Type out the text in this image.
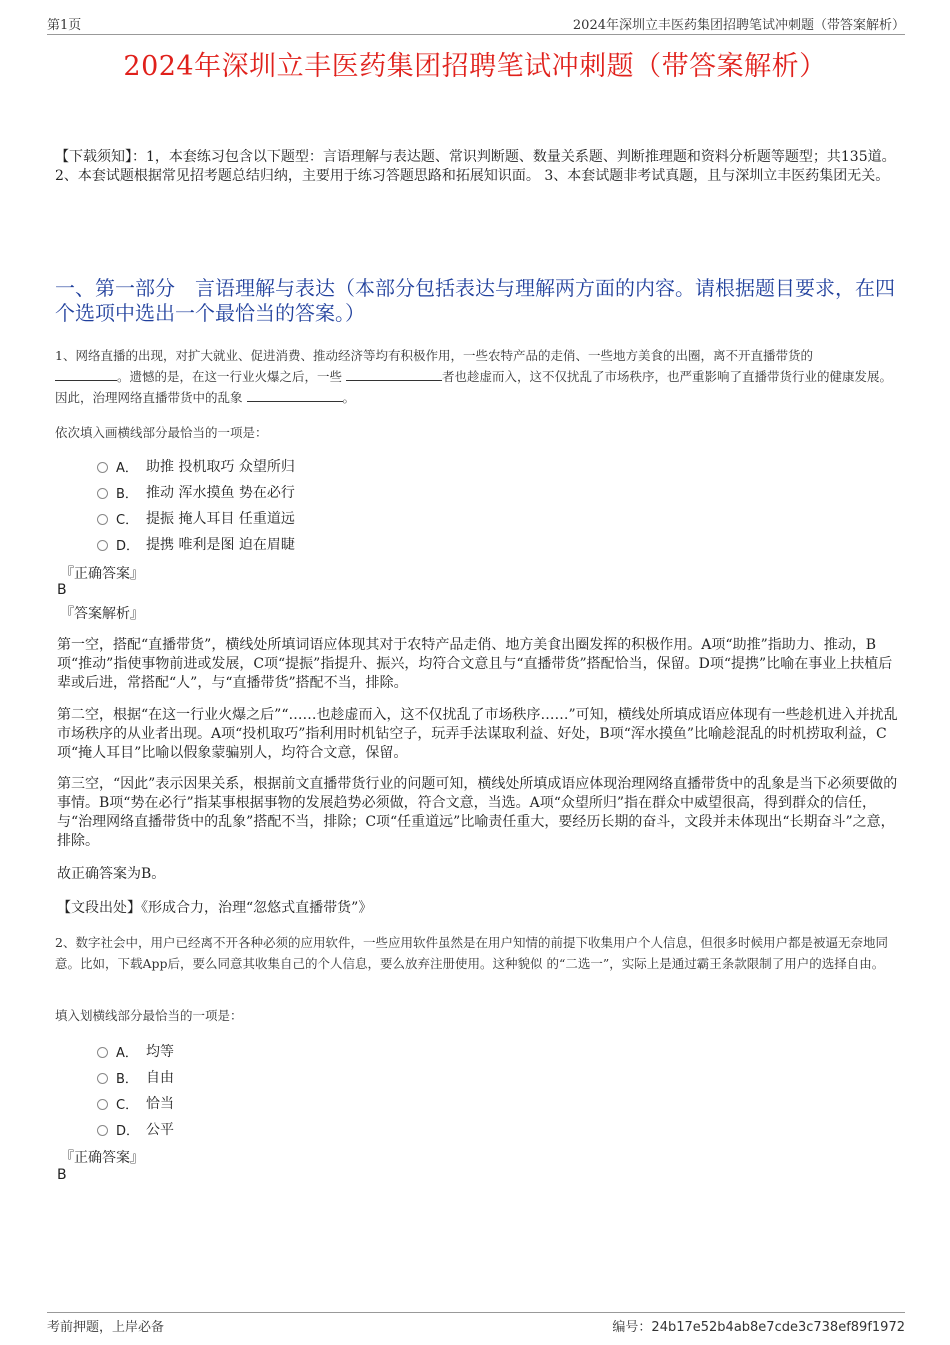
第1页	2024年深圳立丰医药集团招聘笔试冲刺题（带答案解析）
2024年深圳立丰医药集团招聘笔试冲刺题（带答案解析）
【下载须知】：1，本套练习包含以下题型：言语理解与表达题、常识判断题、数量关系题、判断推理题和资料分析题等题型；共135道。 2、本套试题根据常见招考题总结归纳，主要用于练习答题思路和拓展知识面。 3、本套试题非考试真题，且与深圳立丰医药集团无关。
一、第一部分　言语理解与表达（本部分包括表达与理解两方面的内容。请根据题目要求，在四个选项中选出一个最恰当的答案。）
1、网络直播的出现，对扩大就业、促进消费、推动经济等均有积极作用，一些农特产品的走俏、一些地方美食的出圈，离不开直播带货的
。遗憾的是，在这一行业火爆之后，一些	者也趁虚而入，这不仅扰乱了市场秩序，也严重影响了直播带货行业的健康发展。因此，治理网络直播带货中的乱象	。
依次填入画横线部分最恰当的一项是：
A． 助推 投机取巧 众望所归
B． 推动 浑水摸鱼 势在必行
C． 提振 掩人耳目 任重道远
D． 提携 唯利是图 迫在眉睫
『正确答案』
B
『答案解析』
第一空，搭配“直播带货”，横线处所填词语应体现其对于农特产品走俏、地方美食出圈发挥的积极作用。A项“助推”指助力、推动，B项“推动”指使事物前进或发展，C项“提振”指提升、振兴，均符合文意且与“直播带货”搭配恰当，保留。D项“提携”比喻在事业上扶植后辈或后进，常搭配“人”，与“直播带货”搭配不当，排除。
第二空，根据“在这一行业火爆之后”“……也趁虚而入，这不仅扰乱了市场秩序……”可知，横线处所填成语应体现有一些趁机进入并扰乱市场秩序的从业者出现。A项“投机取巧”指利用时机钻空子，玩弄手法谋取利益、好处，B项“浑水摸鱼”比喻趁混乱的时机捞取利益，C项“掩人耳目”比喻以假象蒙骗别人，均符合文意，保留。
第三空，“因此”表示因果关系，根据前文直播带货行业的问题可知，横线处所填成语应体现治理网络直播带货中的乱象是当下必须要做的事情。B项“势在必行”指某事根据事物的发展趋势必须做，符合文意，当选。A项“众望所归”指在群众中威望很高，得到群众的信任，与“治理网络直播带货中的乱象”搭配不当，排除；C项“任重道远”比喻责任重大，要经历长期的奋斗，文段并未体现出“长期奋斗”之意，排除。
故正确答案为B。
【文段出处】《形成合力，治理“忽悠式直播带货”》
2、数字社会中，用户已经离不开各种必须的应用软件，一些应用软件虽然是在用户知情的前提下收集用户个人信息，但很多时候用户都是被逼无奈地同意。比如，下载App后，要么同意其收集自己的个人信息，要么放弃注册使用。这种貌似 的“二选一”，实际上是通过霸王条款限制了用户的选择自由。
填入划横线部分最恰当的一项是：
A． 均等
B． 自由
C． 恰当
D． 公平
『正确答案』
B
考前押题，上岸必备	编号：24b17e52b4ab8e7cde3c738ef89f1972
